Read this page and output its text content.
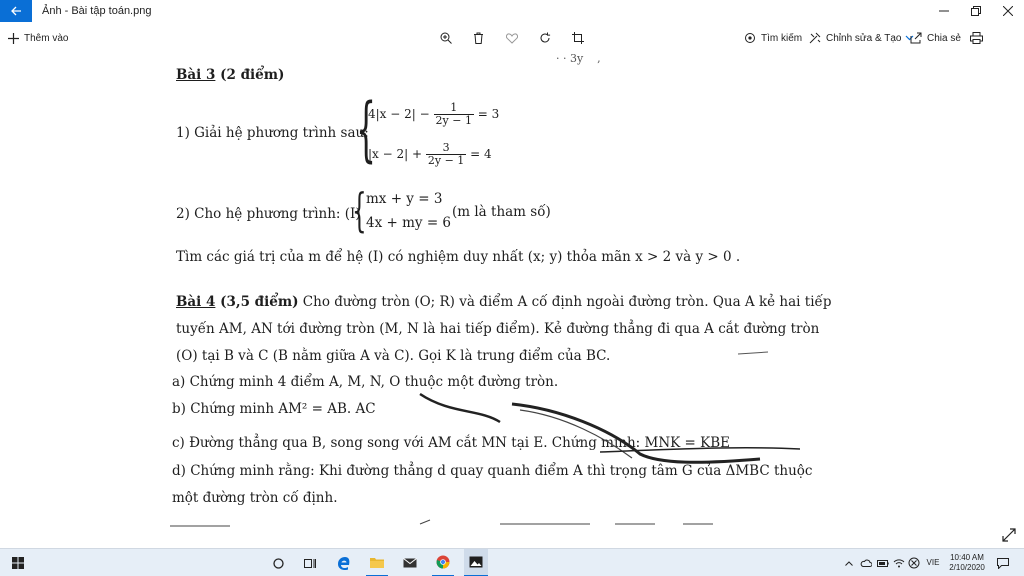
Ảnh - Bài tập toán.png
Thêm vào	Tìm kiếm Chỉnh sửa & Tạo	Chia sẻ
· · 3y    ,
Bài 3 (2 điểm)
1) Giải hệ phương trình sau:
{
$4|x - 2| - \frac{1}{2y - 1} = 3$
$|x - 2| + \frac{3}{2y - 1} = 4$
2) Cho hệ phương trình: (I)
{ mx + y = 3
4x + my = 6
(m là tham số)
Tìm các giá trị của m để hệ (I) có nghiệm duy nhất (x; y) thỏa mãn x > 2 và y > 0 .
Bài 4 (3,5 điểm) Cho đường tròn (O; R) và điểm A cố định ngoài đường tròn. Qua A kẻ hai tiếp
tuyến AM, AN tới đường tròn (M, N là hai tiếp điểm). Kẻ đường thẳng đi qua A cắt đường tròn
(O) tại B và C (B nằm giữa A và C). Gọi K là trung điểm của BC.
a) Chứng minh 4 điểm A, M, N, O thuộc một đường tròn.
b) Chứng minh AM² = AB. AC
c) Đường thẳng qua B, song song với AM cắt MN tại E. Chứng minh: MNK = KBE
d) Chứng minh rằng: Khi đường thẳng d quay quanh điểm A thì trọng tâm G của ΔMBC thuộc
một đường tròn cố định.
VIE
10:40 AM
2/10/2020
